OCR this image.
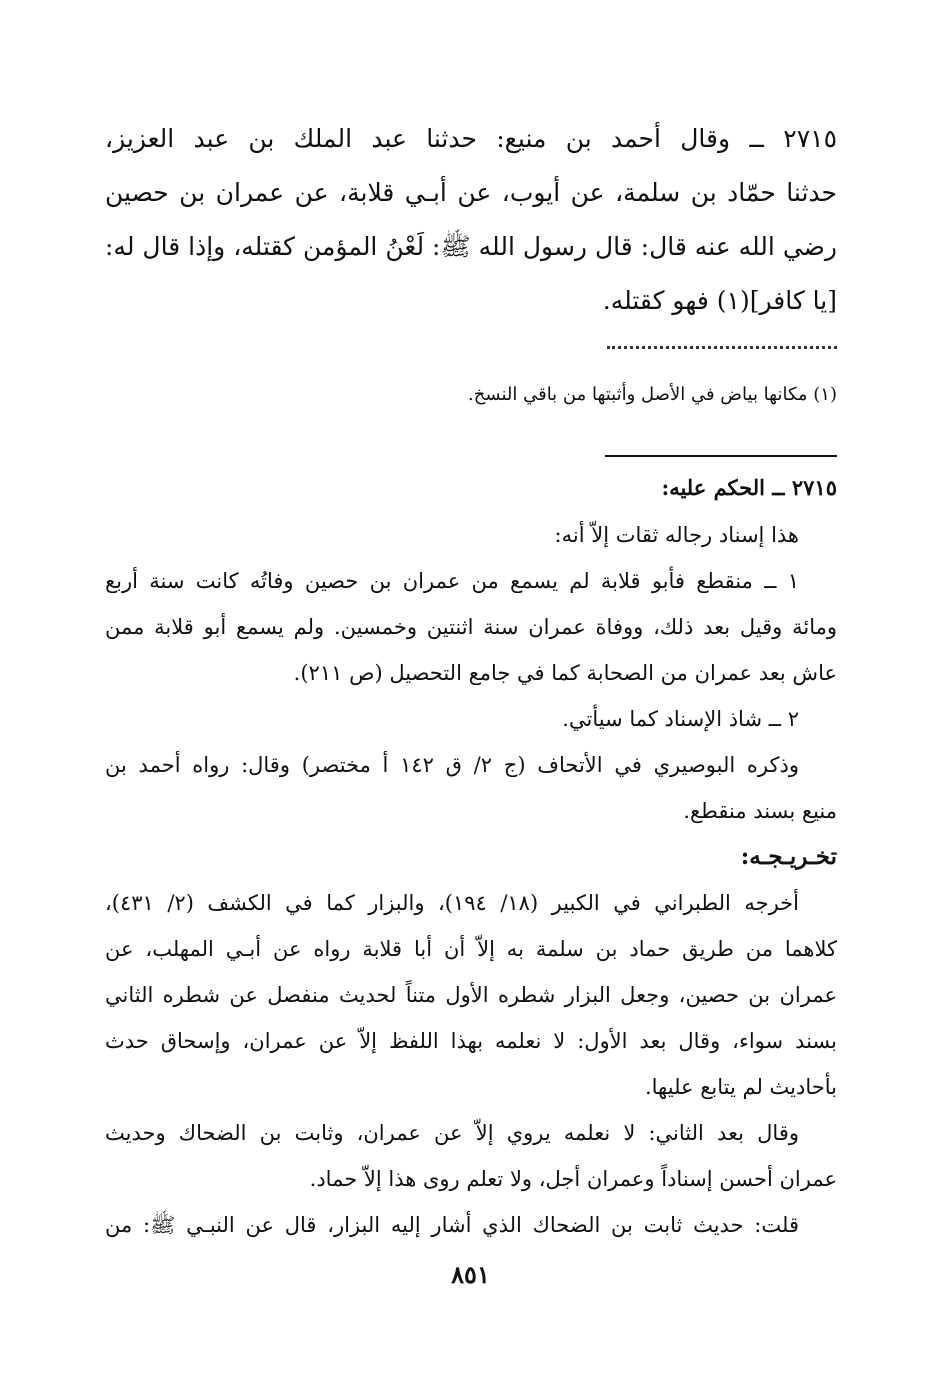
٢٧١٥ ــ وقال أحمد بن منيع: حدثنا عبد الملك بن عبد العزيز،
حدثنا حمّاد بن سلمة، عن أيوب، عن أبـي قلابة، عن عمران بن حصين
رضي الله عنه قال: قال رسول الله ﷺ: لَعْنُ المؤمن كقتله، وإذا قال له:
[يا كافر](١) فهو كقتله.
(١) مكانها بياض في الأصل وأثبتها من باقي النسخ.
٢٧١٥ ــ الحكم عليه:

هذا إسناد رجاله ثقات إلاّ أنه:

١ ــ منقطع فأبو قلابة لم يسمع من عمران بن حصين وفاتُه كانت سنة أربع
ومائة وقيل بعد ذلك، ووفاة عمران سنة اثنتين وخمسين. ولم يسمع أبو قلابة ممن
عاش بعد عمران من الصحابة كما في جامع التحصيل (ص ٢١١).

٢ ــ شاذ الإسناد كما سيأتي.

وذكره البوصيري في الأتحاف (ج ٢/ ق ١٤٢ أ مختصر) وقال: رواه أحمد بن
منيع بسند منقطع.

تخـريـجـه:

أخرجه الطبراني في الكبير (١٨/ ١٩٤)، والبزار كما في الكشف (٢/ ٤٣١)،
كلاهما من طريق حماد بن سلمة به إلاّ أن أبا قلابة رواه عن أبـي المهلب، عن
عمران بن حصين، وجعل البزار شطره الأول متناً لحديث منفصل عن شطره الثاني
بسند سواء، وقال بعد الأول: لا نعلمه بهذا اللفظ إلاّ عن عمران، وإسحاق حدث
بأحاديث لم يتابع عليها.

وقال بعد الثاني: لا نعلمه يروي إلاّ عن عمران، وثابت بن الضحاك وحديث
عمران أحسن إسناداً وعمران أجل، ولا تعلم روى هذا إلاّ حماد.

قلت: حديث ثابت بن الضحاك الذي أشار إليه البزار، قال عن النبـي ﷺ: من

٨٥١
